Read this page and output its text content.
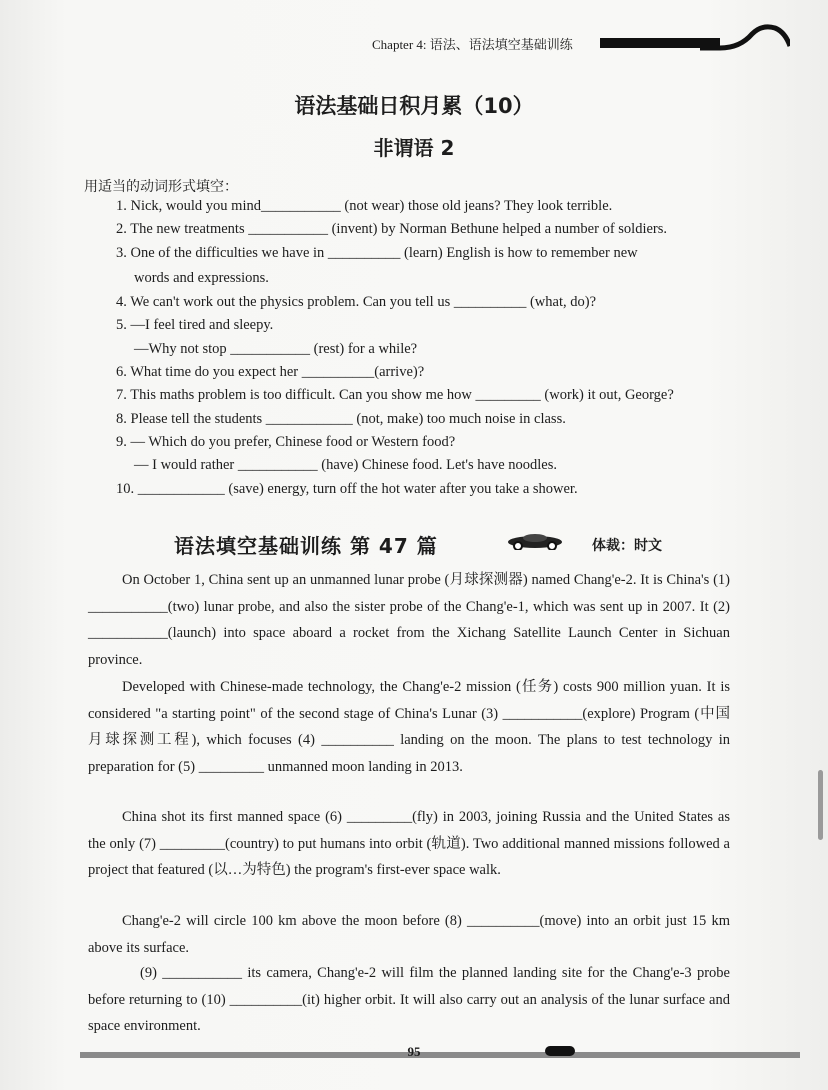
Chapter 4: 语法、语法填空基础训练
语法基础日积月累（10）
非谓语 2
用适当的动词形式填空：
1. Nick, would you mind___________ (not wear) those old jeans? They look terrible.
2. The new treatments ___________ (invent) by Norman Bethune helped a number of soldiers.
3. One of the difficulties we have in __________ (learn) English is how to remember new
words and expressions.
4. We can't work out the physics problem. Can you tell us __________ (what, do)?
5. —I feel tired and sleepy.
—Why not stop ___________ (rest) for a while?
6. What time do you expect her __________(arrive)?
7. This maths problem is too difficult. Can you show me how _________ (work) it out, George?
8. Please tell the students ____________ (not, make) too much noise in class.
9. — Which do you prefer, Chinese food or Western food?
— I would rather ___________ (have) Chinese food. Let's have noodles.
10. ____________ (save) energy, turn off the hot water after you take a shower.
语法填空基础训练 第 47 篇	体裁：时文
On October 1, China sent up an unmanned lunar probe (月球探测器) named Chang'e-2. It is China's (1) ___________(two) lunar probe, and also the sister probe of the Chang'e-1, which was sent up in 2007. It (2) ___________(launch) into space aboard a rocket from the Xichang Satellite Launch Center in Sichuan province.
Developed with Chinese-made technology, the Chang'e-2 mission (任务) costs 900 million yuan. It is considered "a starting point" of the second stage of China's Lunar (3) ___________(explore) Program (中国月球探测工程), which focuses (4) __________ landing on the moon. The plans to test technology in preparation for (5) _________ unmanned moon landing in 2013.
China shot its first manned space (6) _________(fly) in 2003, joining Russia and the United States as the only (7) _________(country) to put humans into orbit (轨道). Two additional manned missions followed a project that featured (以…为特色) the program's first-ever space walk.
Chang'e-2 will circle 100 km above the moon before (8) __________(move) into an orbit just 15 km above its surface.
(9) ___________ its camera, Chang'e-2 will film the planned landing site for the Chang'e-3 probe before returning to (10) __________(it) higher orbit. It will also carry out an analysis of the lunar surface and space environment.
95
